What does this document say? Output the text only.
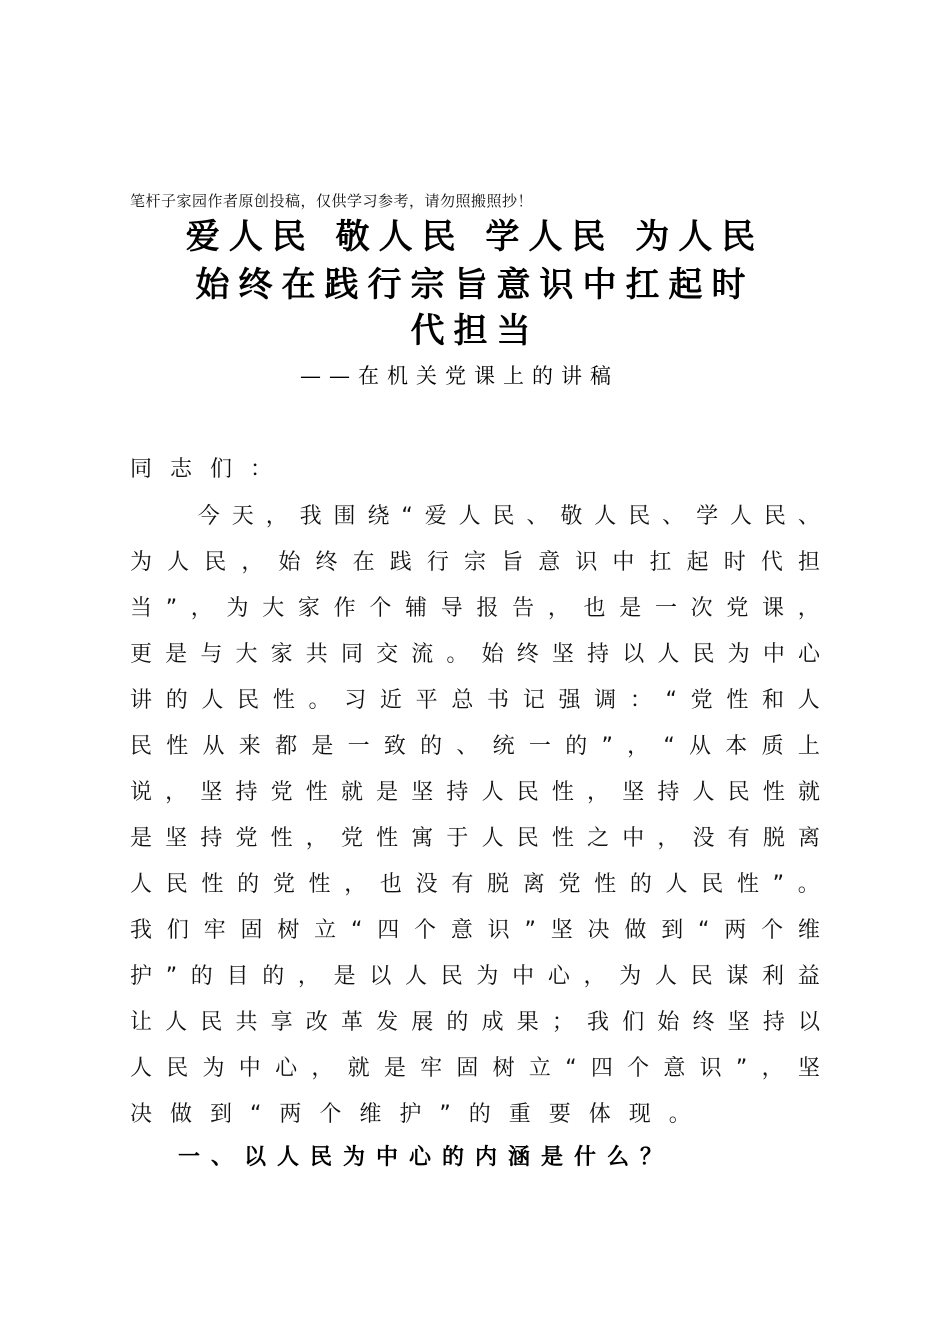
笔杆子家园作者原创投稿，仅供学习参考，请勿照搬照抄！
爱人民 敬人民 学人民 为人民
始终在践行宗旨意识中扛起时
代担当
——在机关党课上的讲稿
同志们：

今 天 ， 我 围 绕 “ 爱 人 民 、 敬 人 民 、 学 人 民 、
为 人 民 ， 始 终 在 践 行 宗 旨 意 识 中 扛 起 时 代 担
当 ” ， 为 大 家 作 个 辅 导 报 告 ， 也 是 一 次 党 课 ，
更 是 与 大 家 共 同 交 流 。 始 终 坚 持 以 人 民 为 中 心
讲 的 人 民 性 。 习 近 平 总 书 记 强 调 ： “ 党 性 和 人
民 性 从 来 都 是 一 致 的 、 统 一 的 ” ， “ 从 本 质 上
说 ， 坚 持 党 性 就 是 坚 持 人 民 性 ， 坚 持 人 民 性 就
是 坚 持 党 性 ， 党 性 寓 于 人 民 性 之 中 ， 没 有 脱 离
人 民 性 的 党 性 ， 也 没 有 脱 离 党 性 的 人 民 性 ” 。
我 们 牢 固 树 立 “ 四 个 意 识 ” 坚 决 做 到 “ 两 个 维
护 ” 的 目 的 ， 是 以 人 民 为 中 心 ， 为 人 民 谋 利 益
让 人 民 共 享 改 革 发 展 的 成 果 ； 我 们 始 终 坚 持 以
人 民 为 中 心 ， 就 是 牢 固 树 立 “ 四 个 意 识 ” ， 坚
决做到“两个维护”的重要体现。
一、以人民为中心的内涵是什么？
